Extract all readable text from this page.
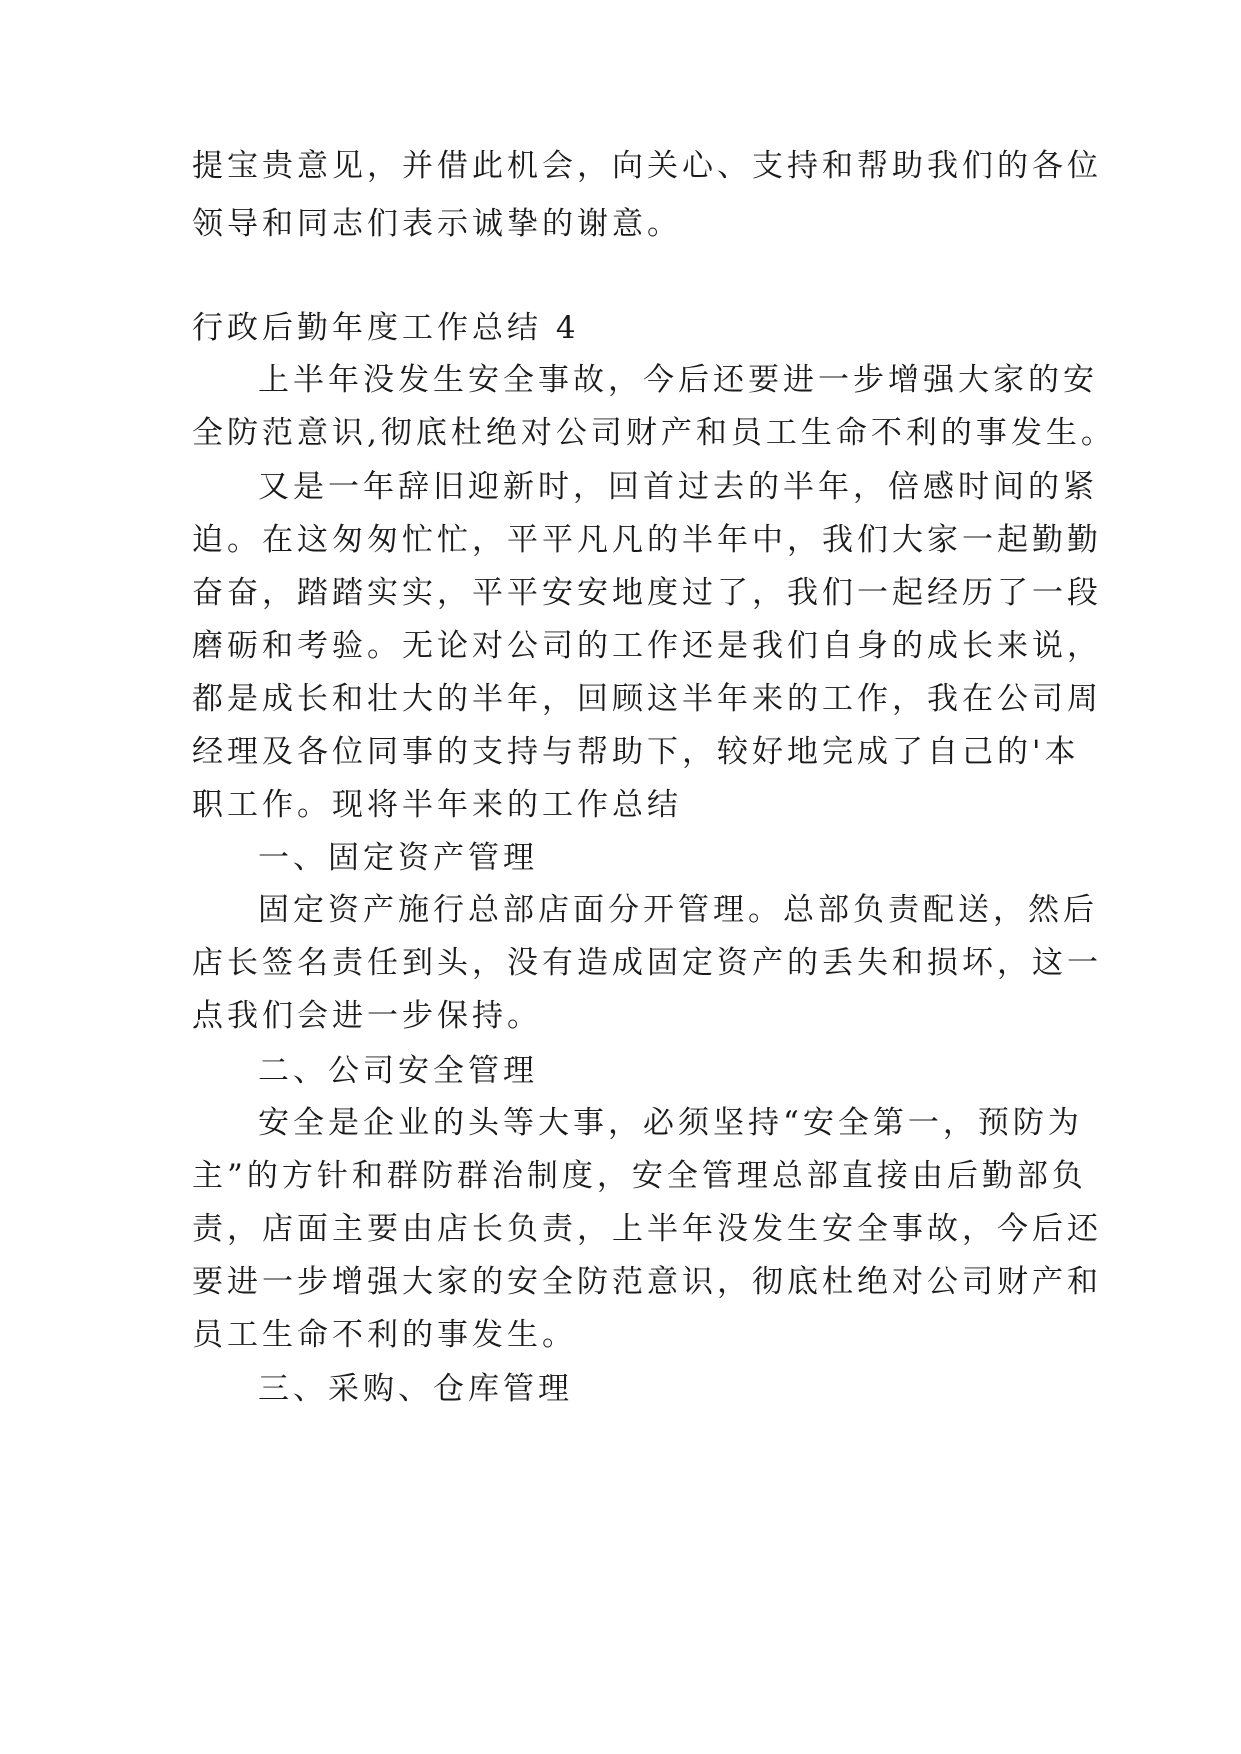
提宝贵意见，并借此机会，向关心、支持和帮助我们的各位
领导和同志们表示诚挚的谢意。
行政后勤年度工作总结 4
上半年没发生安全事故，今后还要进一步增强大家的安
全防范意识,彻底杜绝对公司财产和员工生命不利的事发生。
又是一年辞旧迎新时，回首过去的半年，倍感时间的紧
迫。在这匆匆忙忙，平平凡凡的半年中，我们大家一起勤勤
奋奋，踏踏实实，平平安安地度过了，我们一起经历了一段
磨砺和考验。无论对公司的工作还是我们自身的成长来说，
都是成长和壮大的半年，回顾这半年来的工作，我在公司周
经理及各位同事的支持与帮助下，较好地完成了自己的'本
职工作。现将半年来的工作总结
一、固定资产管理
固定资产施行总部店面分开管理。总部负责配送，然后
店长签名责任到头，没有造成固定资产的丢失和损坏，这一
点我们会进一步保持。
二、公司安全管理
安全是企业的头等大事，必须坚持“安全第一，预防为
主”的方针和群防群治制度，安全管理总部直接由后勤部负
责，店面主要由店长负责，上半年没发生安全事故，今后还
要进一步增强大家的安全防范意识，彻底杜绝对公司财产和
员工生命不利的事发生。
三、采购、仓库管理
